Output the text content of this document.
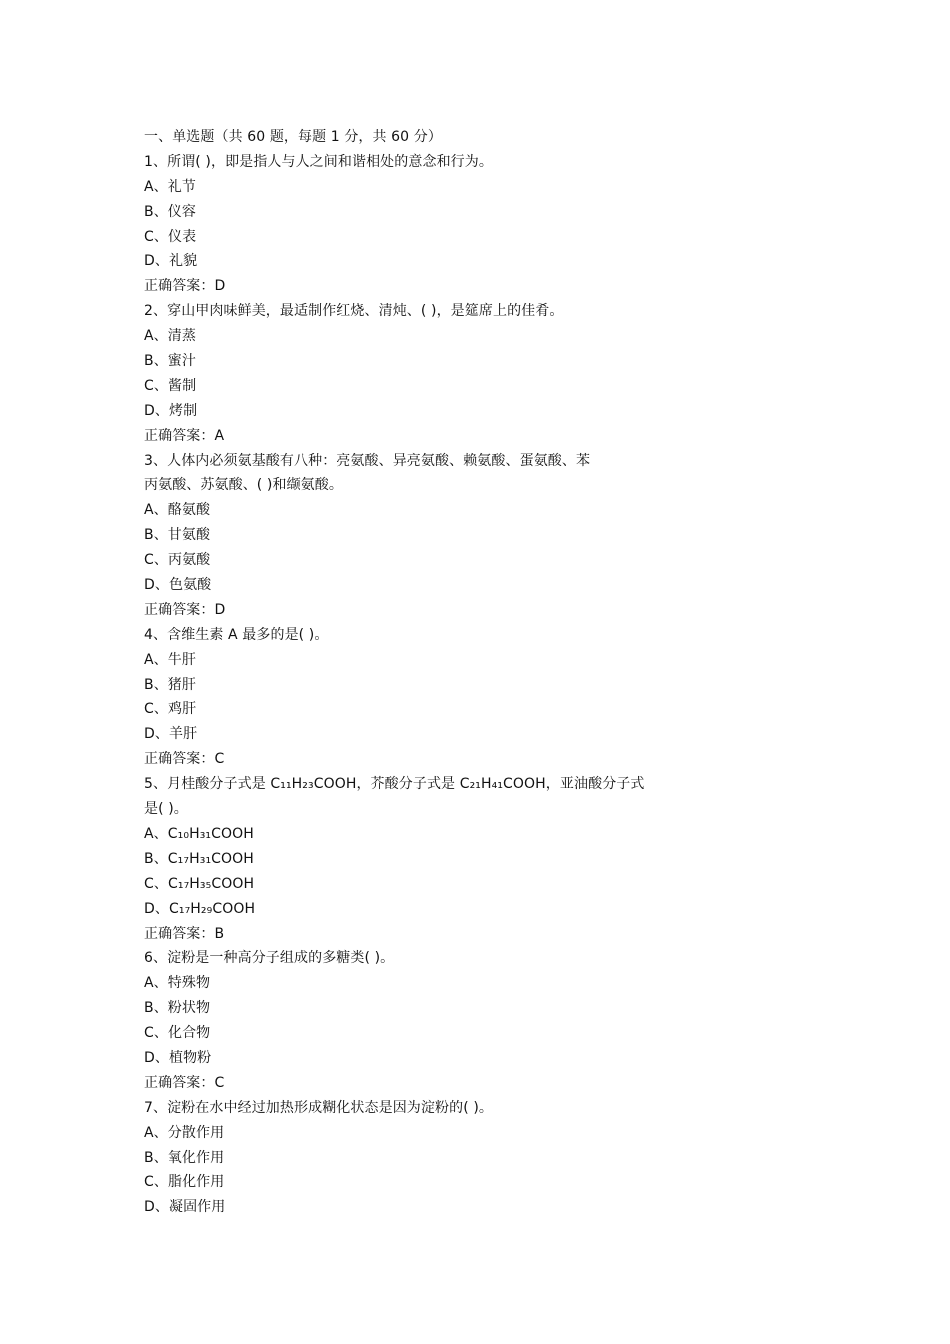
一、单选题（共 60 题，每题 1 分，共 60 分）
1、所谓( )，即是指人与人之间和谐相处的意念和行为。
A、礼节
B、仪容
C、仪表
D、礼貌
正确答案：D
2、穿山甲肉味鲜美，最适制作红烧、清炖、( )，是筵席上的佳肴。
A、清蒸
B、蜜汁
C、酱制
D、烤制
正确答案：A
3、人体内必须氨基酸有八种：亮氨酸、异亮氨酸、赖氨酸、蛋氨酸、苯
丙氨酸、苏氨酸、( )和缬氨酸。
A、酪氨酸
B、甘氨酸
C、丙氨酸
D、色氨酸
正确答案：D
4、含维生素 A 最多的是( )。
A、牛肝
B、猪肝
C、鸡肝
D、羊肝
正确答案：C
5、月桂酸分子式是 C₁₁H₂₃COOH，芥酸分子式是 C₂₁H₄₁COOH，亚油酸分子式
是( )。
A、C₁₀H₃₁COOH
B、C₁₇H₃₁COOH
C、C₁₇H₃₅COOH
D、C₁₇H₂₉COOH
正确答案：B
6、淀粉是一种高分子组成的多糖类( )。
A、特殊物
B、粉状物
C、化合物
D、植物粉
正确答案：C
7、淀粉在水中经过加热形成糊化状态是因为淀粉的( )。
A、分散作用
B、氧化作用
C、脂化作用
D、凝固作用
